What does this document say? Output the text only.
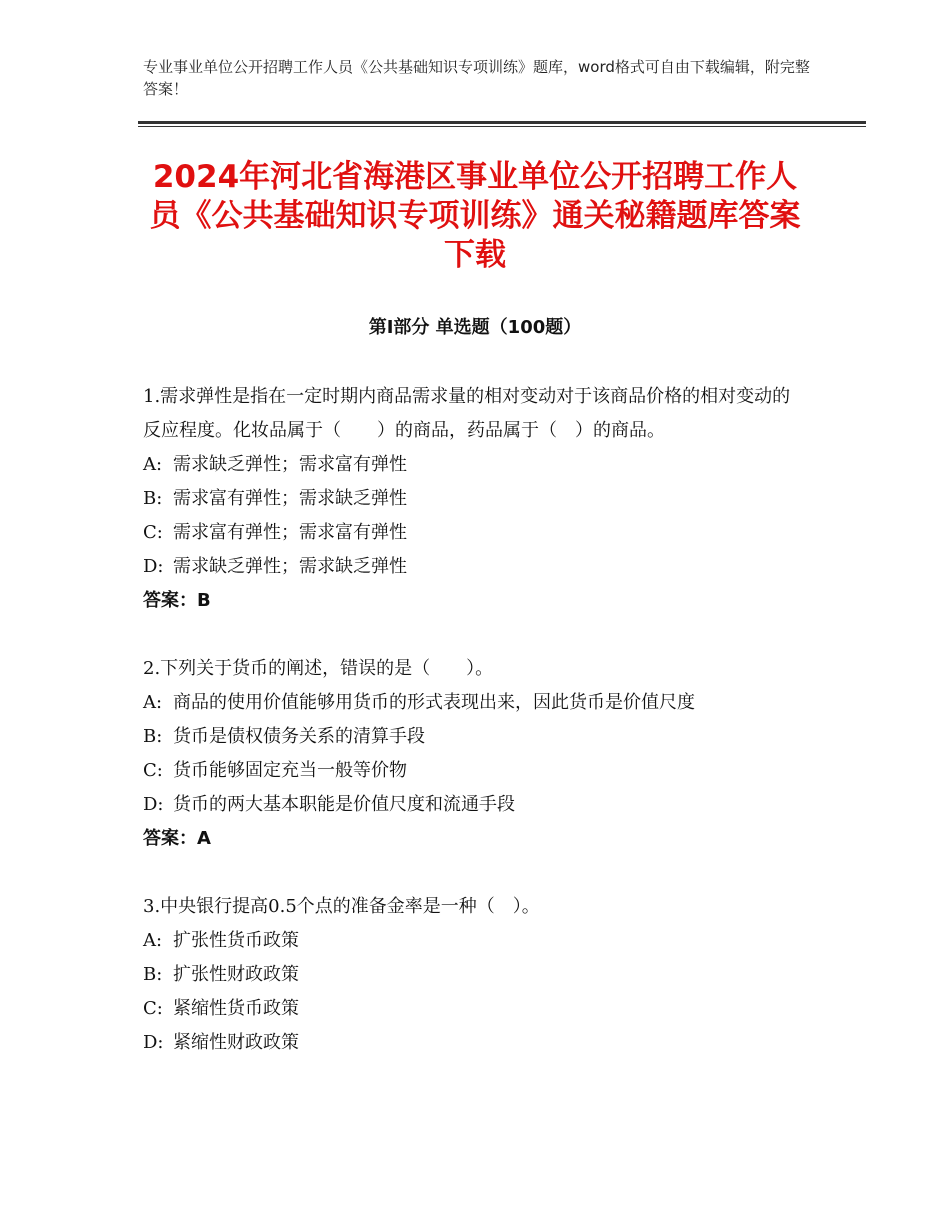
专业事业单位公开招聘工作人员《公共基础知识专项训练》题库，word格式可自由下载编辑，附完整答案！
2024年河北省海港区事业单位公开招聘工作人员《公共基础知识专项训练》通关秘籍题库答案下载
第Ⅰ部分 单选题（100题）
1.需求弹性是指在一定时期内商品需求量的相对变动对于该商品价格的相对变动的反应程度。化妆品属于（　　）的商品，药品属于（　）的商品。
A: 需求缺乏弹性；需求富有弹性
B: 需求富有弹性；需求缺乏弹性
C: 需求富有弹性；需求富有弹性
D: 需求缺乏弹性；需求缺乏弹性
答案：B
2.下列关于货币的阐述，错误的是（　　）。
A: 商品的使用价值能够用货币的形式表现出来，因此货币是价值尺度
B: 货币是债权债务关系的清算手段
C: 货币能够固定充当一般等价物
D: 货币的两大基本职能是价值尺度和流通手段
答案：A
3.中央银行提高0.5个点的准备金率是一种（　）。
A: 扩张性货币政策
B: 扩张性财政政策
C: 紧缩性货币政策
D: 紧缩性财政政策
